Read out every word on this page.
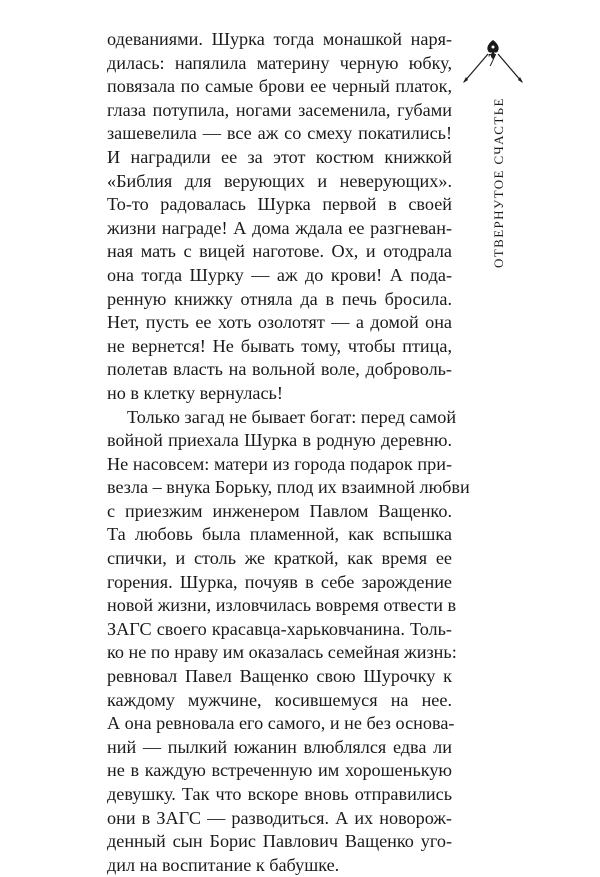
одеваниями. Шурка тогда монашкой наря-
дилась: напялила материну черную юбку,
повязала по самые брови ее черный платок,
глаза потупила, ногами засеменила, губами
зашевелила — все аж со смеху покатились!
И наградили ее за этот костюм книжкой
«Библия для верующих и неверующих».
То-то радовалась Шурка первой в своей
жизни награде! А дома ждала ее разгневан-
ная мать с вицей наготове. Ох, и отодрала
она тогда Шурку — аж до крови! А пода-
ренную книжку отняла да в печь бросила.
Нет, пусть ее хоть озолотят — а домой она
не вернется! Не бывать тому, чтобы птица,
полетав власть на вольной воле, доброволь-
но в клетку вернулась!
Только загад не бывает богат: перед самой
войной приехала Шурка в родную деревню.
Не насовсем: матери из города подарок при-
везла – внука Борьку, плод их взаимной любви
с приезжим инженером Павлом Ващенко.
Та любовь была пламенной, как вспышка
спички, и столь же краткой, как время ее
горения. Шурка, почуяв в себе зарождение
новой жизни, изловчилась вовремя отвести в
ЗАГС своего красавца-харьковчанина. Толь-
ко не по нраву им оказалась семейная жизнь:
ревновал Павел Ващенко свою Шурочку к
каждому мужчине, косившемуся на нее.
А она ревновала его самого, и не без основа-
ний — пылкий южанин влюблялся едва ли
не в каждую встреченную им хорошенькую
девушку. Так что вскоре вновь отправились
они в ЗАГС — разводиться. А их новорож-
денный сын Борис Павлович Ващенко уго-
дил на воспитание к бабушке.
7
ОТВЕРНУТОЕ СЧАСТЬЕ
